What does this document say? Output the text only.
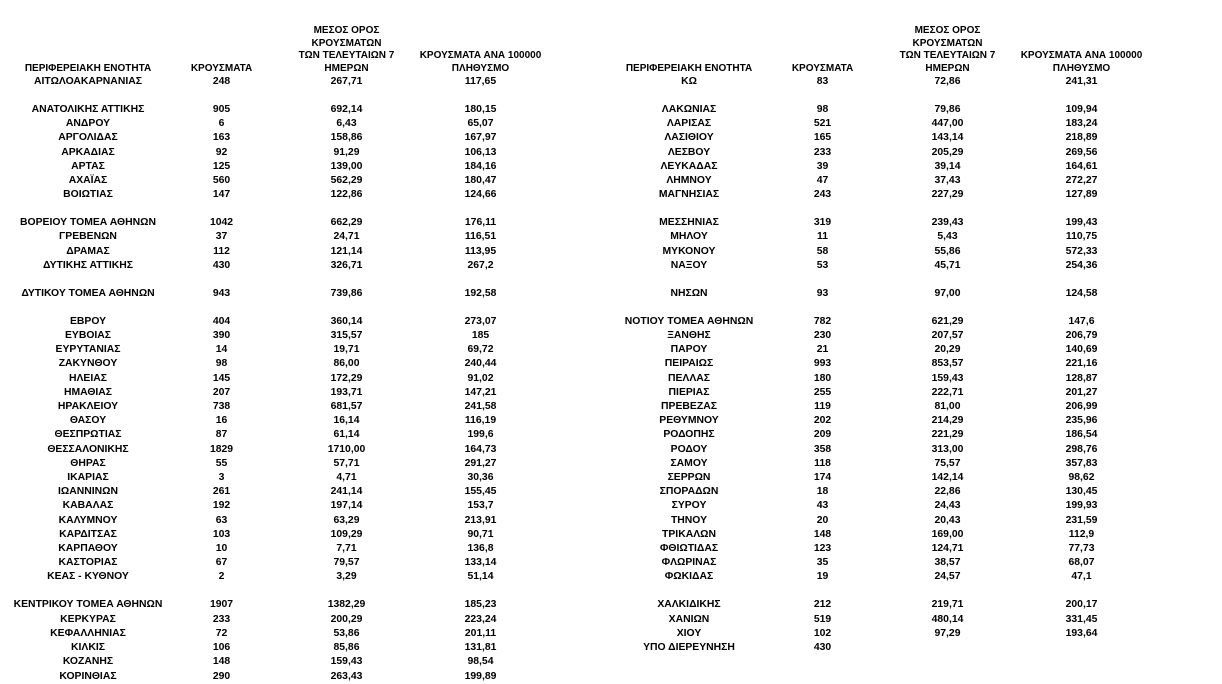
ΠΕΡΙΦΕΡΕΙΑΚΗ ΕΝΟΤΗΤΑ	ΚΡΟΥΣΜΑΤΑ	ΜΕΣΟΣ ΟΡΟΣ ΚΡΟΥΣΜΑΤΩΝ
ΤΩΝ ΤΕΛΕΥΤΑΙΩΝ 7 ΗΜΕΡΩΝ	ΚΡΟΥΣΜΑΤΑ ΑΝΑ 100000
ΠΛΗΘΥΣΜΟ

ΑΙΤΩΛΟΑΚΑΡΝΑΝΙΑΣ	248	267,71	117,65

ΑΝΑΤΟΛΙΚΗΣ ΑΤΤΙΚΗΣ	905	692,14	180,15
ΑΝΔΡΟΥ	6	6,43	65,07
ΑΡΓΟΛΙΔΑΣ	163	158,86	167,97
ΑΡΚΑΔΙΑΣ	92	91,29	106,13
ΑΡΤΑΣ	125	139,00	184,16
ΑΧΑΪΑΣ	560	562,29	180,47
ΒΟΙΩΤΙΑΣ	147	122,86	124,66

ΒΟΡΕΙΟΥ ΤΟΜΕΑ ΑΘΗΝΩΝ	1042	662,29	176,11
ΓΡΕΒΕΝΩΝ	37	24,71	116,51
ΔΡΑΜΑΣ	112	121,14	113,95
ΔΥΤΙΚΗΣ ΑΤΤΙΚΗΣ	430	326,71	267,2

ΔΥΤΙΚΟΥ ΤΟΜΕΑ ΑΘΗΝΩΝ	943	739,86	192,58

ΕΒΡΟΥ	404	360,14	273,07
ΕΥΒΟΙΑΣ	390	315,57	185
ΕΥΡΥΤΑΝΙΑΣ	14	19,71	69,72
ΖΑΚΥΝΘΟΥ	98	86,00	240,44
ΗΛΕΙΑΣ	145	172,29	91,02
ΗΜΑΘΙΑΣ	207	193,71	147,21
ΗΡΑΚΛΕΙΟΥ	738	681,57	241,58
ΘΑΣΟΥ	16	16,14	116,19
ΘΕΣΠΡΩΤΙΑΣ	87	61,14	199,6
ΘΕΣΣΑΛΟΝΙΚΗΣ	1829	1710,00	164,73
ΘΗΡΑΣ	55	57,71	291,27
ΙΚΑΡΙΑΣ	3	4,71	30,36
ΙΩΑΝΝΙΝΩΝ	261	241,14	155,45
ΚΑΒΑΛΑΣ	192	197,14	153,7
ΚΑΛΥΜΝΟΥ	63	63,29	213,91
ΚΑΡΔΙΤΣΑΣ	103	109,29	90,71
ΚΑΡΠΑΘΟΥ	10	7,71	136,8
ΚΑΣΤΟΡΙΑΣ	67	79,57	133,14
ΚΕΑΣ - ΚΥΘΝΟΥ	2	3,29	51,14

ΚΕΝΤΡΙΚΟΥ ΤΟΜΕΑ ΑΘΗΝΩΝ	1907	1382,29	185,23
ΚΕΡΚΥΡΑΣ	233	200,29	223,24
ΚΕΦΑΛΛΗΝΙΑΣ	72	53,86	201,11
ΚΙΛΚΙΣ	106	85,86	131,81
ΚΟΖΑΝΗΣ	148	159,43	98,54
ΚΟΡΙΝΘΙΑΣ	290	263,43	199,89
ΠΕΡΙΦΕΡΕΙΑΚΗ ΕΝΟΤΗΤΑ	ΚΡΟΥΣΜΑΤΑ	ΜΕΣΟΣ ΟΡΟΣ ΚΡΟΥΣΜΑΤΩΝ
ΤΩΝ ΤΕΛΕΥΤΑΙΩΝ 7 ΗΜΕΡΩΝ	ΚΡΟΥΣΜΑΤΑ ΑΝΑ 100000
ΠΛΗΘΥΣΜΟ

ΚΩ	83	72,86	241,31

ΛΑΚΩΝΙΑΣ	98	79,86	109,94
ΛΑΡΙΣΑΣ	521	447,00	183,24
ΛΑΣΙΘΙΟΥ	165	143,14	218,89
ΛΕΣΒΟΥ	233	205,29	269,56
ΛΕΥΚΑΔΑΣ	39	39,14	164,61
ΛΗΜΝΟΥ	47	37,43	272,27
ΜΑΓΝΗΣΙΑΣ	243	227,29	127,89

ΜΕΣΣΗΝΙΑΣ	319	239,43	199,43
ΜΗΛΟΥ	11	5,43	110,75
ΜΥΚΟΝΟΥ	58	55,86	572,33
ΝΑΞΟΥ	53	45,71	254,36

ΝΗΣΩΝ	93	97,00	124,58

ΝΟΤΙΟΥ ΤΟΜΕΑ ΑΘΗΝΩΝ	782	621,29	147,6
ΞΑΝΘΗΣ	230	207,57	206,79
ΠΑΡΟΥ	21	20,29	140,69
ΠΕΙΡΑΙΩΣ	993	853,57	221,16
ΠΕΛΛΑΣ	180	159,43	128,87
ΠΙΕΡΙΑΣ	255	222,71	201,27
ΠΡΕΒΕΖΑΣ	119	81,00	206,99
ΡΕΘΥΜΝΟΥ	202	214,29	235,96
ΡΟΔΟΠΗΣ	209	221,29	186,54
ΡΟΔΟΥ	358	313,00	298,76
ΣΑΜΟΥ	118	75,57	357,83
ΣΕΡΡΩΝ	174	142,14	98,62
ΣΠΟΡΑΔΩΝ	18	22,86	130,45
ΣΥΡΟΥ	43	24,43	199,93
ΤΗΝΟΥ	20	20,43	231,59
ΤΡΙΚΑΛΩΝ	148	169,00	112,9
ΦΘΙΩΤΙΔΑΣ	123	124,71	77,73
ΦΛΩΡΙΝΑΣ	35	38,57	68,07
ΦΩΚΙΔΑΣ	19	24,57	47,1

ΧΑΛΚΙΔΙΚΗΣ	212	219,71	200,17
ΧΑΝΙΩΝ	519	480,14	331,45
ΧΙΟΥ	102	97,29	193,64
ΥΠΟ ΔΙΕΡΕΥΝΗΣΗ	430		
